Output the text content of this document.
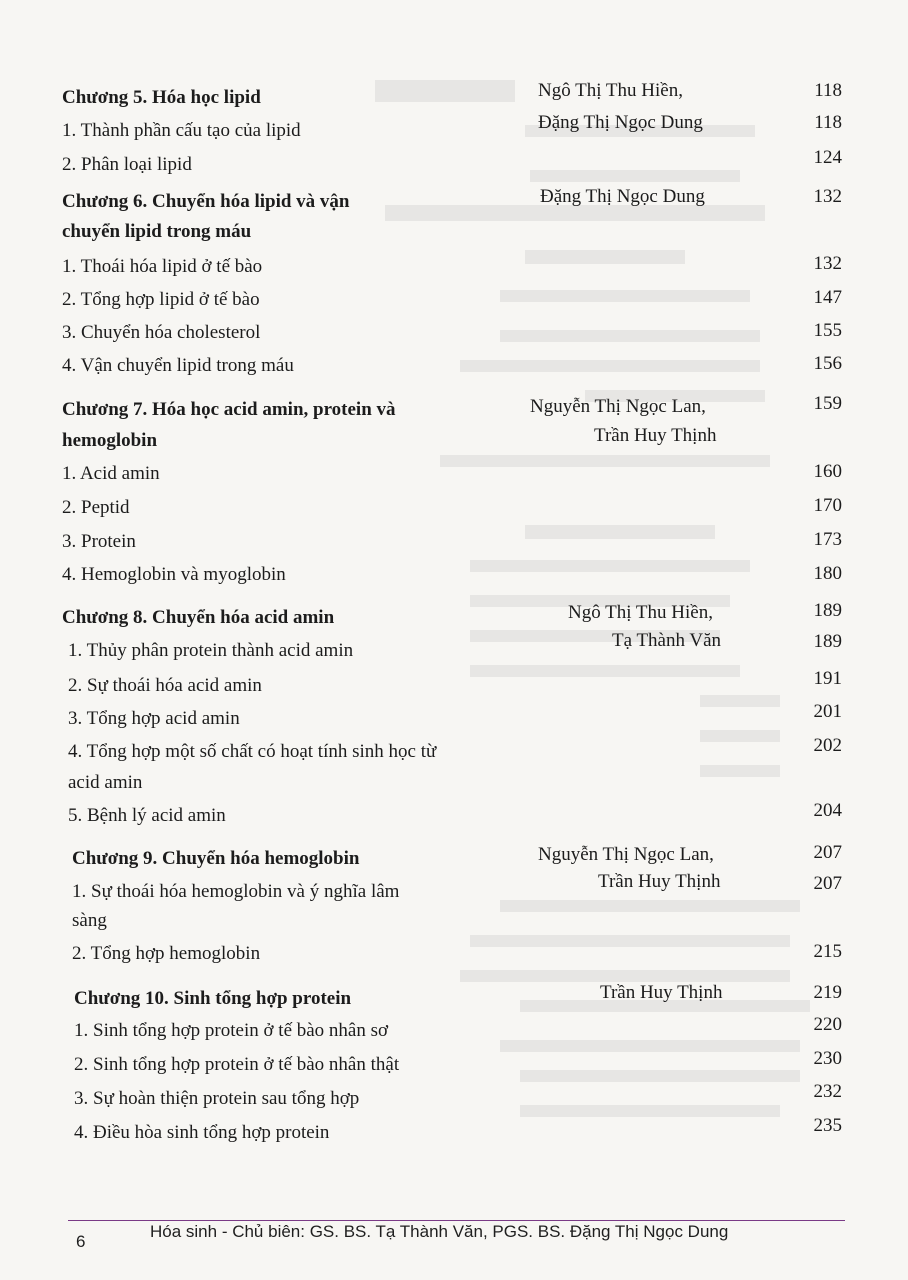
Chương 5. Hóa học lipid	Ngô Thị Thu Hiền,	118
1. Thành phần cấu tạo của lipid	Đặng Thị Ngọc Dung	118
2. Phân loại lipid	124
Chương 6. Chuyển hóa lipid và vận	Đặng Thị Ngọc Dung	132
chuyển lipid trong máu
1. Thoái hóa lipid ở tế bào	132
2. Tổng hợp lipid ở tế bào	147
3. Chuyển hóa cholesterol	155
4. Vận chuyển lipid trong máu	156
Chương 7. Hóa học acid amin, protein và	Nguyễn Thị Ngọc Lan,	159
hemoglobin	Trần Huy Thịnh
1. Acid amin	160
2. Peptid	170
3. Protein	173
4. Hemoglobin và myoglobin	180
Chương 8. Chuyển hóa acid amin	Ngô Thị Thu Hiền,	189
1. Thủy phân protein thành acid amin	Tạ Thành Văn	189
2. Sự thoái hóa acid amin	191
3. Tổng hợp acid amin	201
4. Tổng hợp một số chất có hoạt tính sinh học từ	202
acid amin
5. Bệnh lý acid amin	204
Chương 9. Chuyển hóa hemoglobin	Nguyễn Thị Ngọc Lan,	207
1. Sự thoái hóa hemoglobin và ý nghĩa lâm	Trần Huy Thịnh	207
sàng
2. Tổng hợp hemoglobin	215
Chương 10. Sinh tổng hợp protein	Trần Huy Thịnh	219
1. Sinh tổng hợp protein ở tế bào nhân sơ	220
2. Sinh tổng hợp protein ở tế bào nhân thật	230
3. Sự hoàn thiện protein sau tổng hợp	232
4. Điều hòa sinh tổng hợp protein	235
6
Hóa sinh - Chủ biên: GS. BS. Tạ Thành Văn, PGS. BS. Đặng Thị Ngọc Dung
